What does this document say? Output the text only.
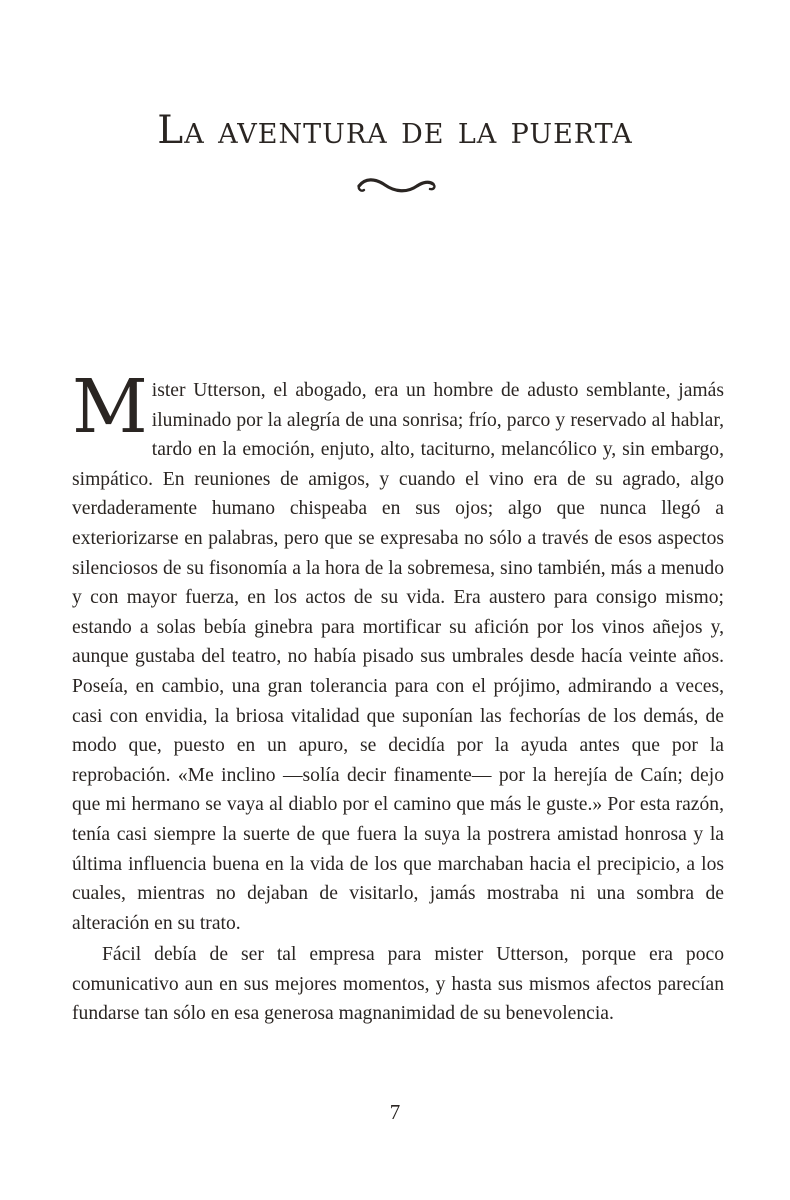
La aventura de la puerta

Mister Utterson, el abogado, era un hombre de adusto semblante, jamás iluminado por la alegría de una sonrisa; frío, parco y reservado al hablar, tardo en la emoción, enjuto, alto, taciturno, melancólico y, sin embargo, simpático. En reuniones de amigos, y cuando el vino era de su agrado, algo verdaderamente humano chispeaba en sus ojos; algo que nunca llegó a exteriorizarse en palabras, pero que se expresaba no sólo a través de esos aspectos silenciosos de su fisonomía a la hora de la sobremesa, sino también, más a menudo y con mayor fuerza, en los actos de su vida. Era austero para consigo mismo; estando a solas bebía ginebra para mortificar su afición por los vinos añejos y, aunque gustaba del teatro, no había pisado sus umbrales desde hacía veinte años. Poseía, en cambio, una gran tolerancia para con el prójimo, admirando a veces, casi con envidia, la briosa vitalidad que suponían las fechorías de los demás, de modo que, puesto en un apuro, se decidía por la ayuda antes que por la reprobación. «Me inclino —solía decir finamente— por la herejía de Caín; dejo que mi hermano se vaya al diablo por el camino que más le guste.» Por esta razón, tenía casi siempre la suerte de que fuera la suya la postrera amistad honrosa y la última influencia buena en la vida de los que marchaban hacia el precipicio, a los cuales, mientras no dejaban de visitarlo, jamás mostraba ni una sombra de alteración en su trato.

Fácil debía de ser tal empresa para mister Utterson, porque era poco comunicativo aun en sus mejores momentos, y hasta sus mismos afectos parecían fundarse tan sólo en esa generosa magnanimidad de su benevolencia.

7
